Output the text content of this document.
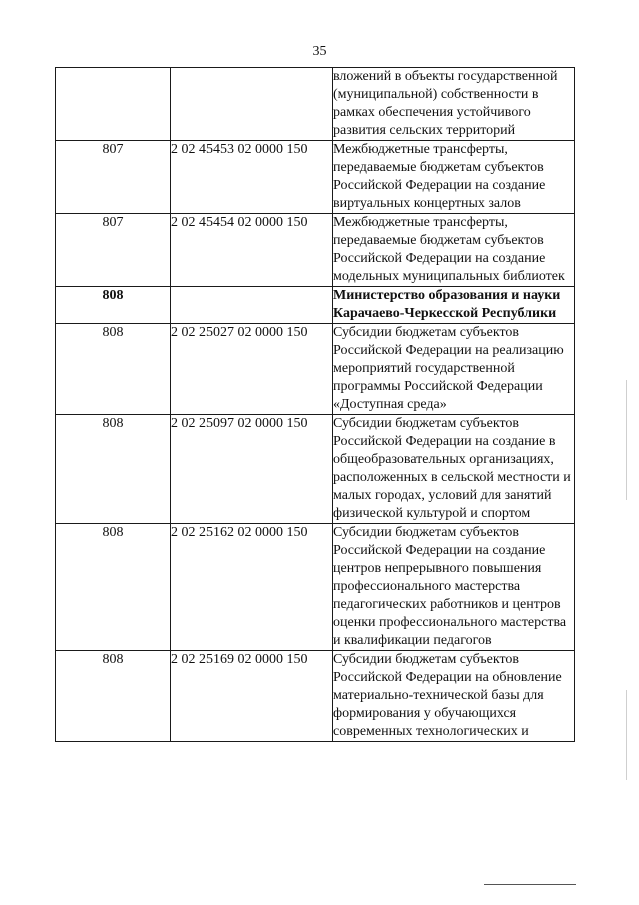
35
		вложений в объекты государственной (муниципальной) собственности в рамках обеспечения устойчивого развития сельских территорий
807	2 02 45453 02 0000 150	Межбюджетные трансферты, передаваемые бюджетам субъектов Российской Федерации на создание виртуальных концертных залов
807	2 02 45454 02 0000 150	Межбюджетные трансферты, передаваемые бюджетам субъектов Российской Федерации на создание модельных муниципальных библиотек
808		Министерство образования и науки Карачаево-Черкесской Республики
808	2 02 25027 02 0000 150	Субсидии бюджетам субъектов Российской Федерации на реализацию мероприятий государственной программы Российской Федерации «Доступная среда»
808	2 02 25097 02 0000 150	Субсидии бюджетам субъектов Российской Федерации на создание в общеобразовательных организациях, расположенных в сельской местности и малых городах, условий для занятий физической культурой и спортом
808	2 02 25162 02 0000 150	Субсидии бюджетам субъектов Российской Федерации на создание центров непрерывного повышения профессионального мастерства педагогических работников и центров оценки профессионального мастерства и квалификации педагогов
808	2 02 25169 02 0000 150	Субсидии бюджетам субъектов Российской Федерации на обновление материально-технической базы для формирования у обучающихся современных технологических и
